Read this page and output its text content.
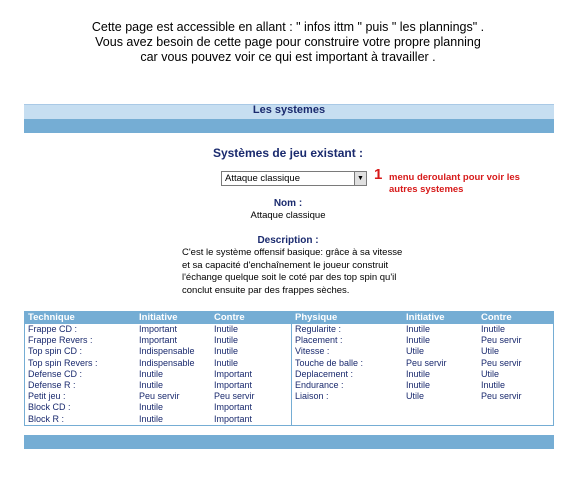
Cette page est accessible en allant : " infos ittm " puis " les plannings" .
Vous avez besoin de cette page pour construire votre propre planning
car vous pouvez voir ce qui est important à travailler .
Les systemes
Systèmes de jeu existant :
Attaque classique	▼ 1 menu deroulant pour voir les autres systemes
Nom :
Attaque classique
Description :
C'est le système offensif basique: grâce à sa vitesse et sa capacité d'enchaînement le joueur construit l'échange quelque soit le coté par des top spin qu'il conclut ensuite par des frappes sèches.
Technique	Initiative	Contre
Frappe CD :	Important	Inutile
Frappe Revers :	Important	Inutile
Top spin CD :	Indispensable Inutile
Top spin Revers :	Indispensable Inutile
Defense CD :	Inutile	Important
Defense R :	Inutile	Important
Petit jeu :	Peu servir	Peu servir
Block CD :	Inutile	Important
Block R :	Inutile	Important
Physique	Initiative	Contre
Regularite :	Inutile	Inutile
Placement :	Inutile	Peu servir
Vitesse :	Utile	Utile
Touche de balle :	Peu servir	Peu servir
Deplacement :	Inutile	Utile
Endurance :	Inutile	Inutile
Liaison :	Utile	Peu servir
